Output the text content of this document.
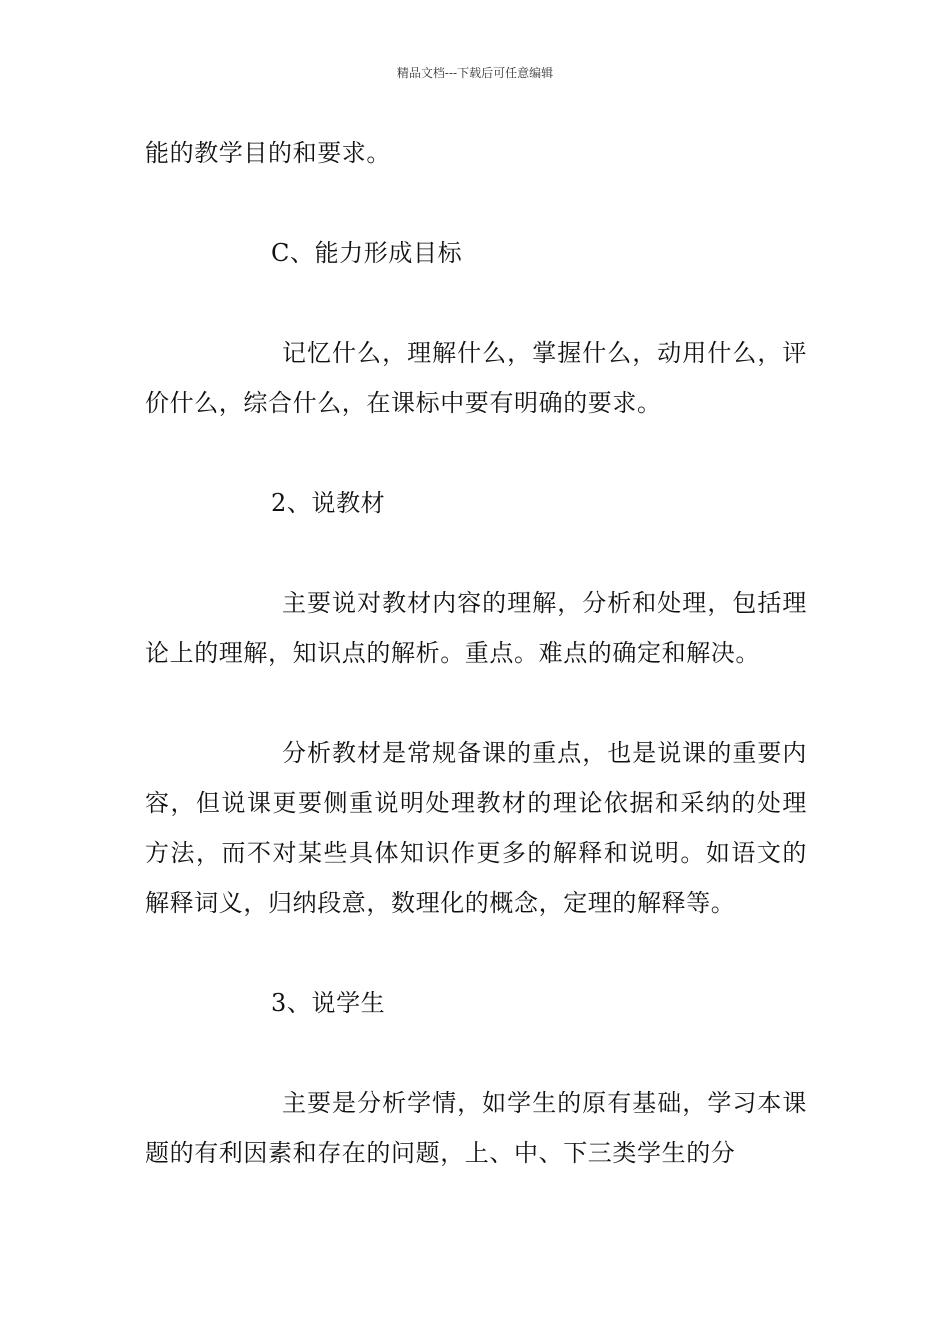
精品文档---下载后可任意编辑

能的教学目的和要求。

C、能力形成目标

记忆什么，理解什么，掌握什么，动用什么，评价什么，综合什么，在课标中要有明确的要求。

2、说教材

主要说对教材内容的理解，分析和处理，包括理论上的理解，知识点的解析。重点。难点的确定和解决。

分析教材是常规备课的重点，也是说课的重要内容，但说课更要侧重说明处理教材的理论依据和采纳的处理方法，而不对某些具体知识作更多的解释和说明。如语文的解释词义，归纳段意，数理化的概念，定理的解释等。

3、说学生

主要是分析学情，如学生的原有基础，学习本课题的有利因素和存在的问题，上、中、下三类学生的分
